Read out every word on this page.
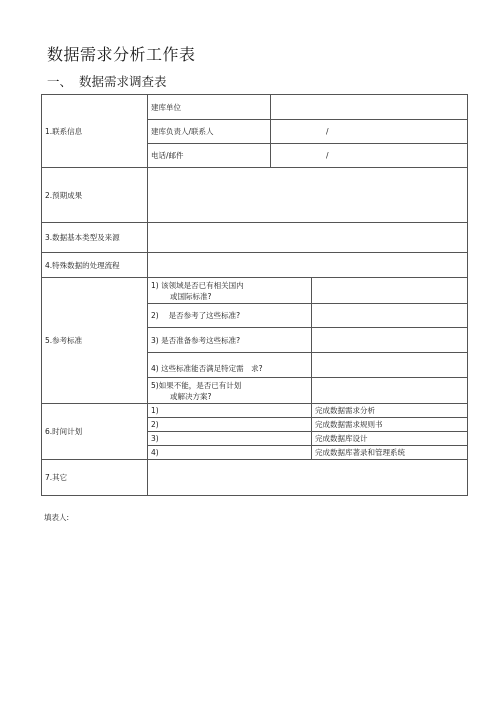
数据需求分析工作表
一、 数据需求调查表
1.联系信息	建库单位		
	建库负责人/联系人	/	
	电话/邮件	/	
2.预期成果			
3.数据基本类型及来源			
4.特殊数据的处理流程			
5.参考标准	1) 该领域是否已有相关国内
或国际标准?		
	2)　 是否参考了这些标准?		
	3) 是否准备参考这些标准?		
	4) 这些标准能否满足特定需　求?		
	5)如果不能，是否已有计划
或解决方案?		
6.时间计划	1)		完成数据需求分析
	2)		完成数据需求规则书
	3)		完成数据库设计
	4)		完成数据库著录和管理系统
7.其它			
填表人:
